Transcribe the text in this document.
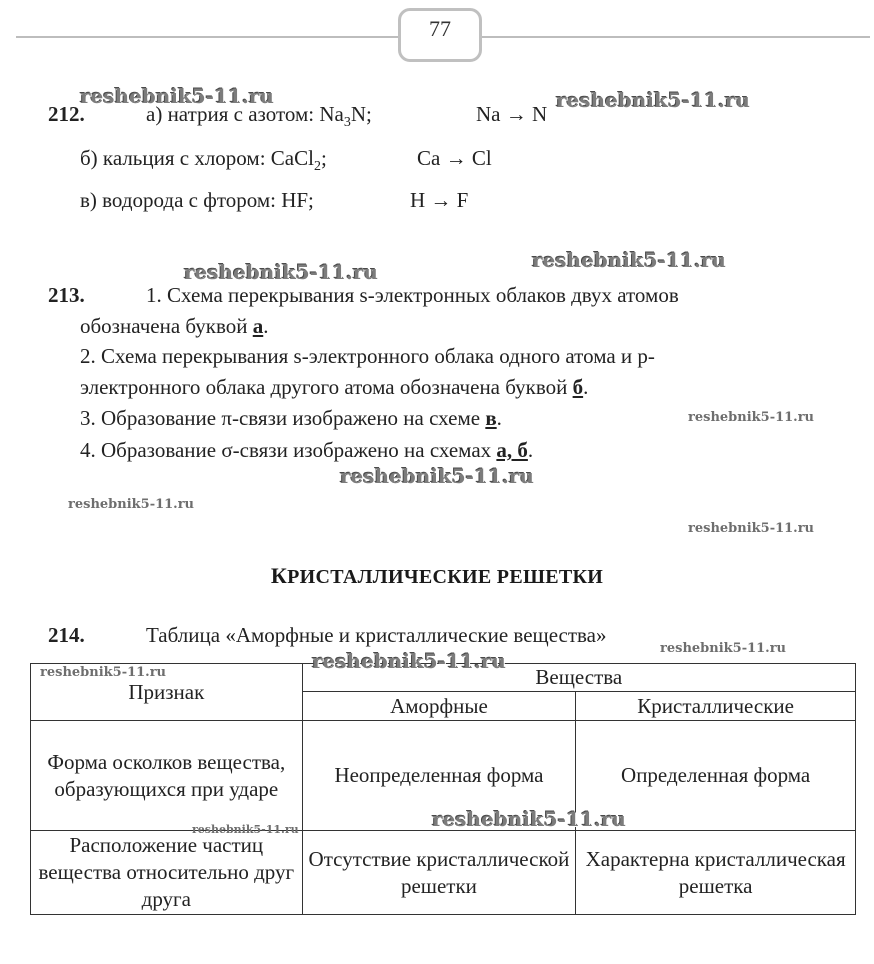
77
212.	а) натрия с азотом: $Na_3N$;	Na → N
б) кальция с хлором: CaCl$_2$;	Ca → Cl
в) водорода с фтором: HF;	H → F
213.	1. Схема перекрывания s-электронных облаков двух атомов
обозначена буквой а.
2. Схема перекрывания s-электронного облака одного атома и p-
электронного облака другого атома обозначена буквой б.
3. Образование π-связи изображено на схеме в.
4. Образование σ-связи изображено на схемах а, б.
КРИСТАЛЛИЧЕСКИЕ РЕШЕТКИ
214.	Таблица «Аморфные и кристаллические вещества»
Признак	Вещества	
	Аморфные	Кристаллические
Форма осколков вещества, образующихся при ударе	Неопределенная форма	Определенная форма
Расположение частиц вещества относительно друг друга	Отсутствие кристаллической решетки	Характерна кристаллическая решетка
reshebnik5-11.ru	reshebnik5-11.ru
reshebnik5-11.ru	reshebnik5-11.ru
reshebnik5-11.ru
reshebnik5-11.ru
reshebnik5-11.ru
reshebnik5-11.ru
reshebnik5-11.ru
reshebnik5-11.ru
reshebnik5-11.ru
reshebnik5-11.ru
reshebnik5-11.ru
